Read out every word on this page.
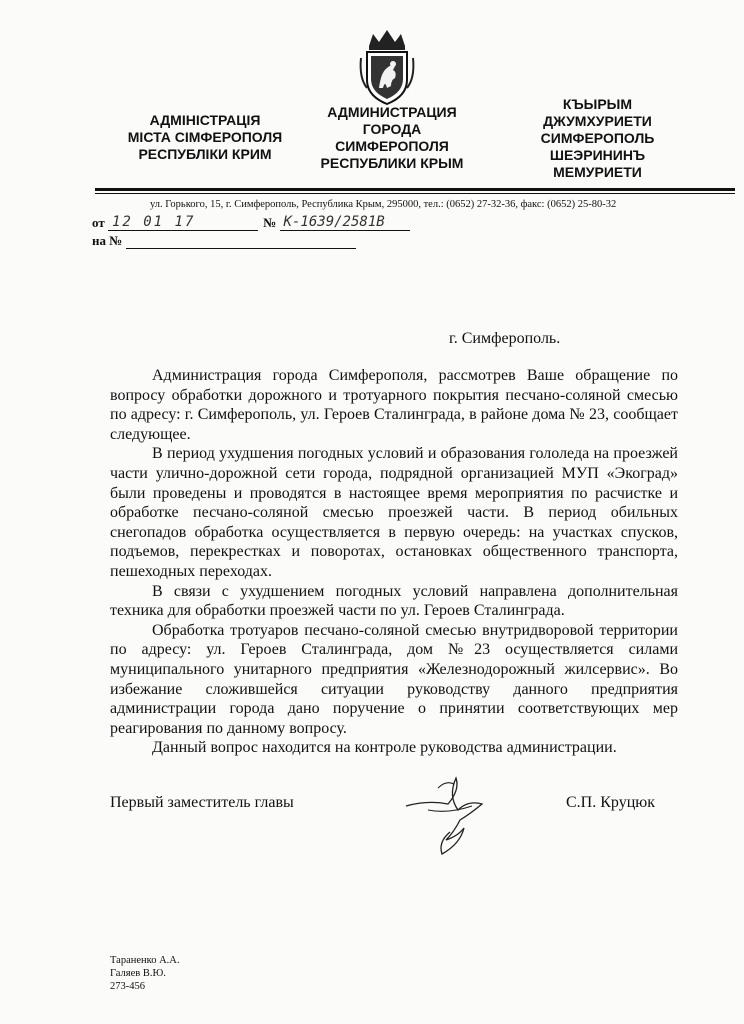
АДМІНІСТРАЦІЯ
МІСТА СІМФЕРОПОЛЯ
РЕСПУБЛІКИ КРИМ
АДМИНИСТРАЦИЯ
ГОРОДА
СИМФЕРОПОЛЯ
РЕСПУБЛИКИ КРЫМ
КЪЫРЫМ
ДЖУМХУРИЕТИ
СИМФЕРОПОЛЬ
ШЕЭРИНИНЪ
МЕМУРИЕТИ
ул. Горького, 15, г. Симферополь, Республика Крым, 295000, тел.: (0652) 27-32-36, факс: (0652) 25-80-32
от 12 01 17	№ К-1639/2581В
на №
г. Симферополь.

Администрация города Симферополя, рассмотрев Ваше обращение по вопросу обработки дорожного и тротуарного покрытия песчано-соляной смесью по адресу: г. Симферополь, ул. Героев Сталинграда, в районе дома № 23, сообщает следующее.

В период ухудшения погодных условий и образования гололеда на проезжей части улично-дорожной сети города, подрядной организацией МУП «Экоград» были проведены и проводятся в настоящее время мероприятия по расчистке и обработке песчано-соляной смесью проезжей части. В период обильных снегопадов обработка осуществляется в первую очередь: на участках спусков, подъемов, перекрестках и поворотах, остановках общественного транспорта, пешеходных переходах.

В связи с ухудшением погодных условий направлена дополнительная техника для обработки проезжей части по ул. Героев Сталинграда.

Обработка тротуаров песчано-соляной смесью внутридворовой территории по адресу: ул. Героев Сталинграда, дом №23 осуществляется силами муниципального унитарного предприятия «Железнодорожный жилсервис». Во избежание сложившейся ситуации руководству данного предприятия администрации города дано поручение о принятии соответствующих мер реагирования по данному вопросу.

Данный вопрос находится на контроле руководства администрации.

Первый заместитель главы	С.П. Круцюк
Тараненко А.А.
Галяев В.Ю.
273-456
